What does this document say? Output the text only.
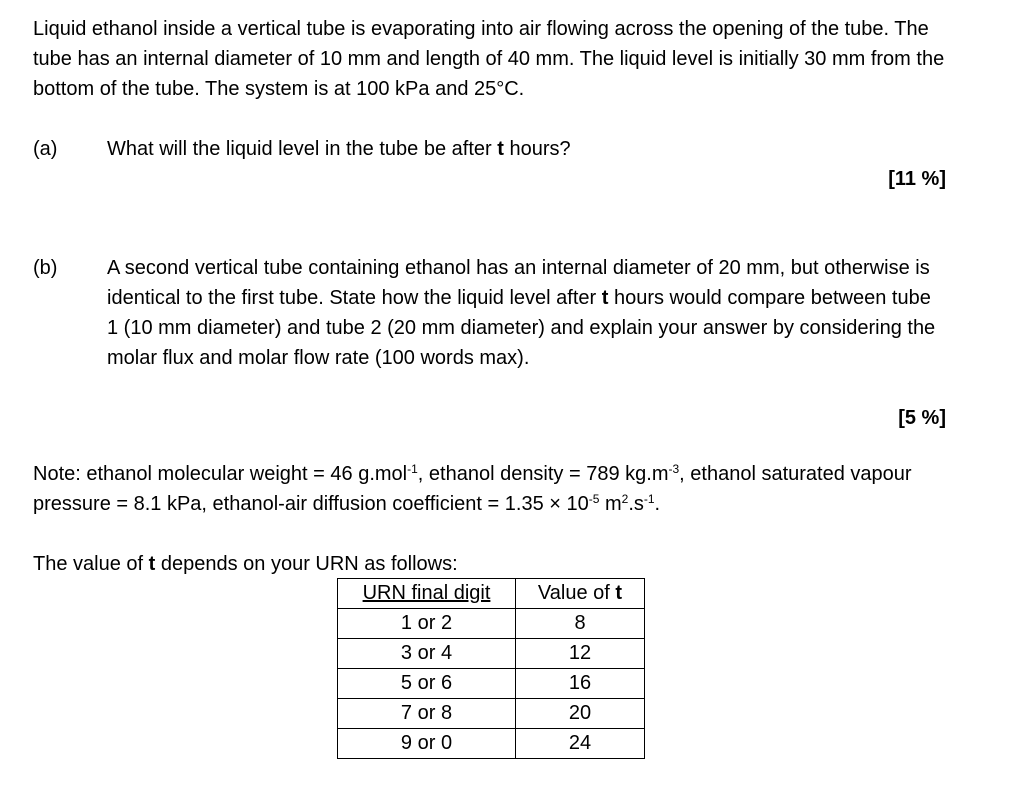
Liquid ethanol inside a vertical tube is evaporating into air flowing across the opening of the tube. The tube has an internal diameter of 10 mm and length of 40 mm. The liquid level is initially 30 mm from the bottom of the tube. The system is at 100 kPa and 25°C.
(a) What will the liquid level in the tube be after t hours?
[11 %]
(b) A second vertical tube containing ethanol has an internal diameter of 20 mm, but otherwise is identical to the first tube. State how the liquid level after t hours would compare between tube 1 (10 mm diameter) and tube 2 (20 mm diameter) and explain your answer by considering the molar flux and molar flow rate (100 words max).
[5 %]
Note: ethanol molecular weight = 46 g.mol$^{-1}$, ethanol density = 789 $kg.m^{-3}$, ethanol saturated vapour pressure = 8.1 kPa, ethanol-air diffusion coefficient = $1.35 \times 10^{-5}$ $m^2.s^{-1}$.
The value of t depends on your URN as follows:
URN final digit	Value of t
1 or 2	8
3 or 4	12
5 or 6	16
7 or 8	20
9 or 0	24
